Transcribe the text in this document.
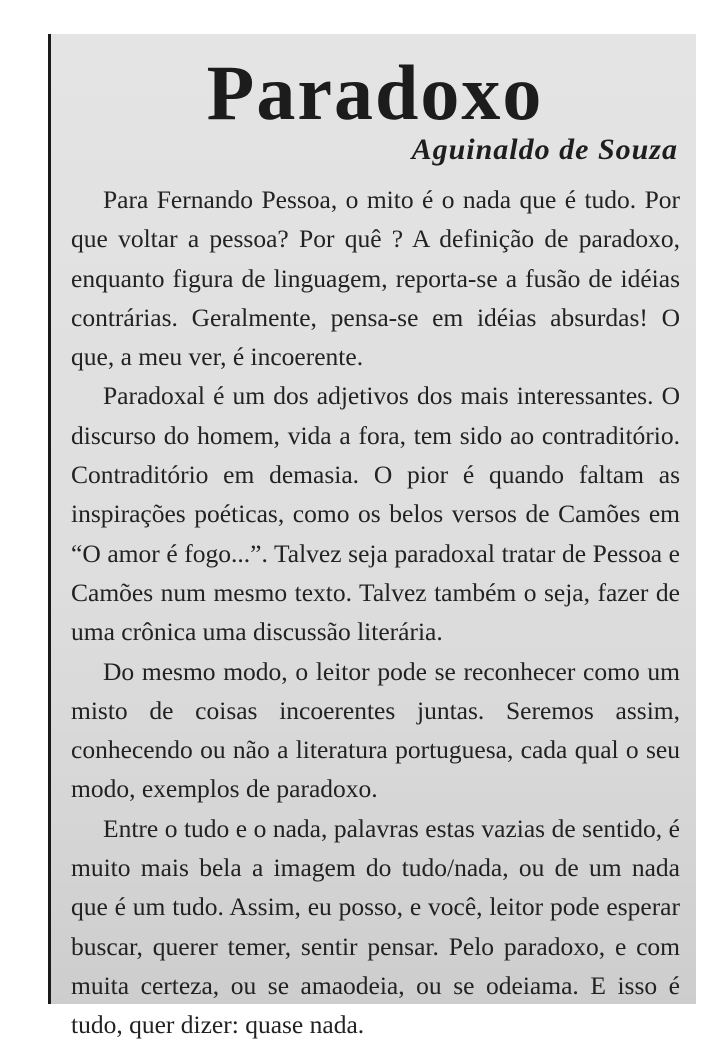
Paradoxo
Aguinaldo de Souza

Para Fernando Pessoa, o mito é o nada que é tudo. Por que voltar a pessoa? Por quê ? A definição de paradoxo, enquanto figura de linguagem, reporta-se a fusão de idéias contrárias. Geralmente, pensa-se em idéias absurdas! O que, a meu ver, é incoerente.

Paradoxal é um dos adjetivos dos mais interessantes. O discurso do homem, vida a fora, tem sido ao contraditório. Contraditório em demasia. O pior é quando faltam as inspirações poéticas, como os belos versos de Camões em “O amor é fogo...”. Talvez seja paradoxal tratar de Pessoa e Camões num mesmo texto. Talvez também o seja, fazer de uma crônica uma discussão literária.

Do mesmo modo, o leitor pode se reconhecer como um misto de coisas incoerentes juntas. Seremos assim, conhecendo ou não a literatura portuguesa, cada qual o seu modo, exemplos de paradoxo.

Entre o tudo e o nada, palavras estas vazias de sentido, é muito mais bela a imagem do tudo/nada, ou de um nada que é um tudo. Assim, eu posso, e você, leitor pode esperar buscar, querer temer, sentir pensar. Pelo paradoxo, e com muita certeza, ou se amaodeia, ou se odeiama. E isso é tudo, quer dizer: quase nada.
